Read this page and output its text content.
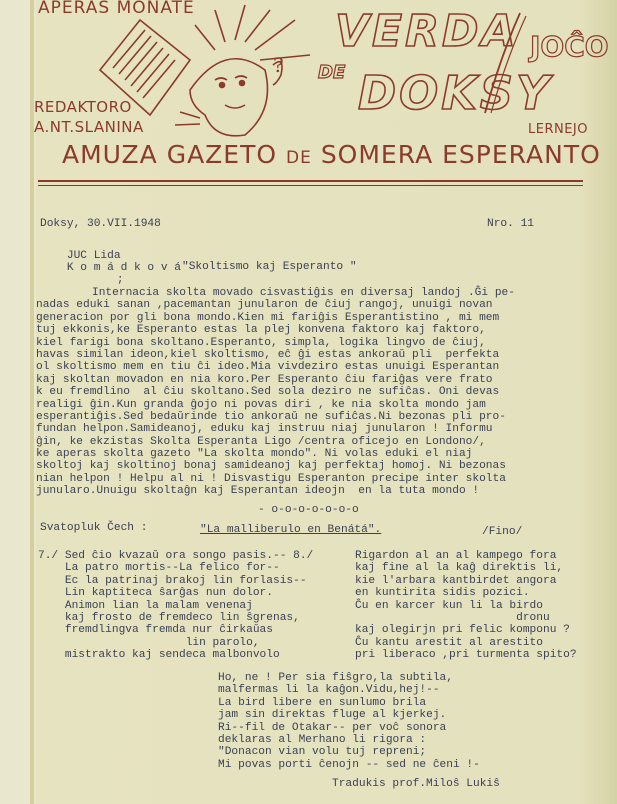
APERAS MONATE
?
REDAKTORO
A.NT.SLANINA
VERDA
DE DOKSY
JOĈO
LERNEJO
AMUZA GAZETO DE SOMERA ESPERANTO
Doksy, 30.VII.1948	Nro. 11

JUC Lida
K o m á d k o v á
;

"Skoltismo kaj Esperanto "
Internacia skolta movado cisvastiĝis en diversaj landoj .Ĝi pe-
nadas eduki sanan ,pacemantan junularon de ĉiuj rangoj, unuigi novan
generacion por gli bona mondo.Kien mi fariĝis Esperantistino , mi mem
tuj ekkonis,ke Esperanto estas la plej konvena faktoro kaj faktoro,
kiel farigi bona skoltano.Esperanto, simpla, logika lingvo de ĉiuj,
havas similan ideon,kiel skoltismo, eĉ ĝi estas ankoraŭ pli  perfekta
ol skoltismo mem en tiu ĉi ideo.Mia vivdeziro estas unuigi Esperantan
kaj skoltan movadon en nia koro.Per Esperanto ĉiu fariĝas vere frato
k eu fremdlino  al ĉiu skoltano.Sed sola deziro ne sufiĉas. Oni devas
realigi ĝin.Kun granda ĝojo ni povas diri , ke nia skolta mondo jam
esperantiĝis.Sed bedaŭrinde tio ankoraŭ ne sufiĉas.Ni bezonas pli pro-
fundan helpon.Samideanoj, eduku kaj instruu niaj junularon ! Informu
ĝin, ke ekzistas Skolta Esperanta Ligo /centra oficejo en Londono/,
ke aperas skolta gazeto "La skolta mondo". Ni volas eduki el niaj
skoltoj kaj skoltinoj bonaj samideanoj kaj perfektaj homoj. Ni bezonas
nian helpon ! Helpu al ni ! Disvastigu Esperanton precipe inter skolta
junularo.Unuigu skoltaĝn kaj Esperantan ideojn  en la tuta mondo !
- o-o-o-o-o-o-o
Svatopluk Čech :	"La malliberulo en Benátá".	/Fino/
7./ Sed ĉio kvazaŭ ora songo pasis.-- 8./
La patro mortis--La felico for--
Ec la patrinaj brakoj lin forlasis--
Lin kaptiteca ŝarĝas nun dolor.
Animon lian la malam venenaj
kaj frosto de fremdeco lin ŝgrenas,
fremdlingva fremda nur ĉirkaŭas
lin parolo,
mistrakto kaj sendeca malbonvolo
Rigardon al an al kampego fora
kaj fine al la kaĝ direktis li,
kie l'arbara kantbirdet angora
en kuntirita sidis pozici.
Ĉu en karcer kun li la birdo
dronu
kaj olegirjn pri felic komponu ?
Ĉu kantu arestit al arestito
pri liberaco ,pri turmenta spito?
Ho, ne ! Per sia fiŝgro,la subtila,
malfermas li la kaĝon.Vidu,hej!--
La bird libere en sunlumo brila
jam sin direktas fluge al kjerkej.
Ri--fil de Otakar-- per voĉ sonora
deklaras al Merhano li rigora :
"Donacon vian volu tuj repreni;
Mi povas porti ĉenojn -- sed ne ĉeni !-
Tradukis prof.Miloŝ Lukiŝ
